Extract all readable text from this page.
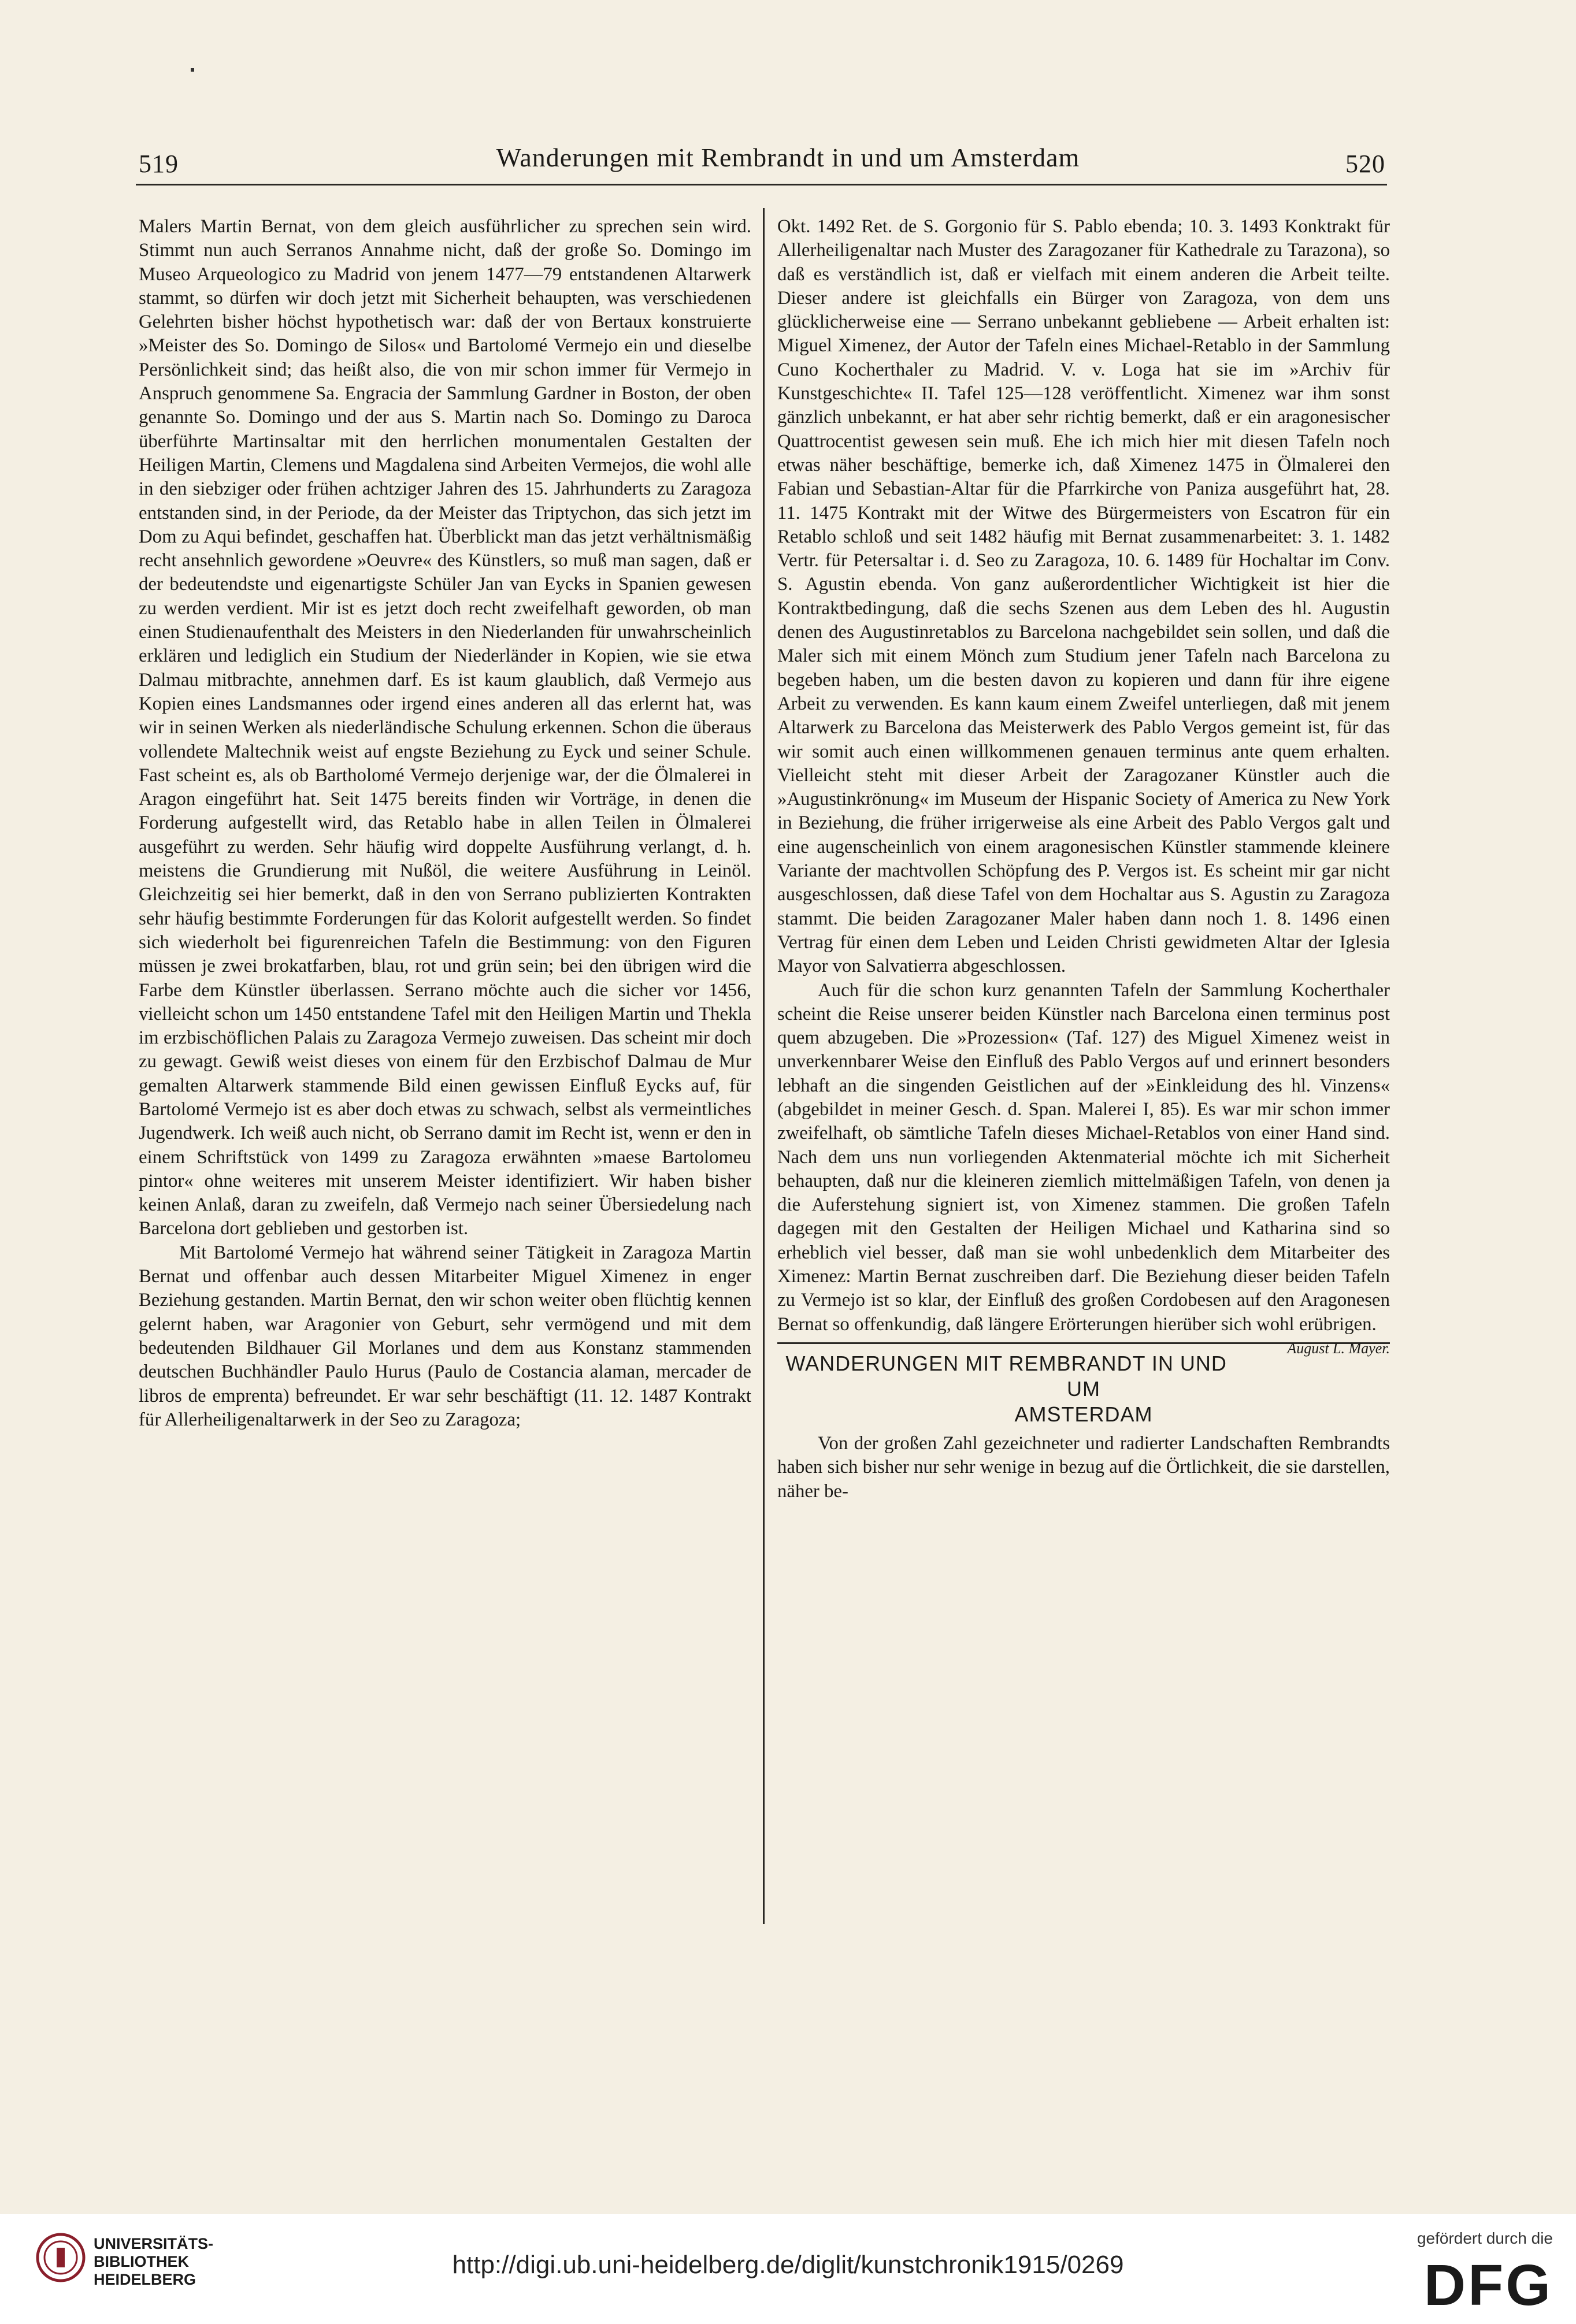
519	Wanderungen mit Rembrandt in und um Amsterdam	520

Malers Martin Bernat, von dem gleich ausführlicher zu sprechen sein wird. Stimmt nun auch Serranos Annahme nicht, daß der große So. Domingo im Museo Arqueologico zu Madrid von jenem 1477—79 entstandenen Altarwerk stammt, so dürfen wir doch jetzt mit Sicherheit behaupten, was verschiedenen Gelehrten bisher höchst hypothetisch war: daß der von Bertaux konstruierte »Meister des So. Domingo de Silos« und Bartolomé Vermejo ein und dieselbe Persönlichkeit sind; das heißt also, die von mir schon immer für Vermejo in Anspruch genommene Sa. Engracia der Sammlung Gardner in Boston, der oben genannte So. Domingo und der aus S. Martin nach So. Domingo zu Daroca überführte Martinsaltar mit den herrlichen monumentalen Gestalten der Heiligen Martin, Clemens und Magdalena sind Arbeiten Vermejos, die wohl alle in den siebziger oder frühen achtziger Jahren des 15. Jahrhunderts zu Zaragoza entstanden sind, in der Periode, da der Meister das Triptychon, das sich jetzt im Dom zu Aqui befindet, geschaffen hat. Überblickt man das jetzt verhältnismäßig recht ansehnlich gewordene »Oeuvre« des Künstlers, so muß man sagen, daß er der bedeutendste und eigenartigste Schüler Jan van Eycks in Spanien gewesen zu werden verdient. Mir ist es jetzt doch recht zweifelhaft geworden, ob man einen Studienaufenthalt des Meisters in den Niederlanden für unwahrscheinlich erklären und lediglich ein Studium der Niederländer in Kopien, wie sie etwa Dalmau mitbrachte, annehmen darf. Es ist kaum glaublich, daß Vermejo aus Kopien eines Landsmannes oder irgend eines anderen all das erlernt hat, was wir in seinen Werken als niederländische Schulung erkennen. Schon die überaus vollendete Maltechnik weist auf engste Beziehung zu Eyck und seiner Schule. Fast scheint es, als ob Bartholomé Vermejo derjenige war, der die Ölmalerei in Aragon eingeführt hat. Seit 1475 bereits finden wir Vorträge, in denen die Forderung aufgestellt wird, das Retablo habe in allen Teilen in Ölmalerei ausgeführt zu werden. Sehr häufig wird doppelte Ausführung verlangt, d. h. meistens die Grundierung mit Nußöl, die weitere Ausführung in Leinöl. Gleichzeitig sei hier bemerkt, daß in den von Serrano publizierten Kontrakten sehr häufig bestimmte Forderungen für das Kolorit aufgestellt werden. So findet sich wiederholt bei figurenreichen Tafeln die Bestimmung: von den Figuren müssen je zwei brokatfarben, blau, rot und grün sein; bei den übrigen wird die Farbe dem Künstler überlassen. Serrano möchte auch die sicher vor 1456, vielleicht schon um 1450 entstandene Tafel mit den Heiligen Martin und Thekla im erzbischöflichen Palais zu Zaragoza Vermejo zuweisen. Das scheint mir doch zu gewagt. Gewiß weist dieses von einem für den Erzbischof Dalmau de Mur gemalten Altarwerk stammende Bild einen gewissen Einfluß Eycks auf, für Bartolomé Vermejo ist es aber doch etwas zu schwach, selbst als vermeintliches Jugendwerk. Ich weiß auch nicht, ob Serrano damit im Recht ist, wenn er den in einem Schriftstück von 1499 zu Zaragoza erwähnten »maese Bartolomeu pintor« ohne weiteres mit unserem Meister identifiziert. Wir haben bisher keinen Anlaß, daran zu zweifeln, daß Vermejo nach seiner Übersiedelung nach Barcelona dort geblieben und gestorben ist.

Mit Bartolomé Vermejo hat während seiner Tätigkeit in Zaragoza Martin Bernat und offenbar auch dessen Mitarbeiter Miguel Ximenez in enger Beziehung gestanden. Martin Bernat, den wir schon weiter oben flüchtig kennen gelernt haben, war Aragonier von Geburt, sehr vermögend und mit dem bedeutenden Bildhauer Gil Morlanes und dem aus Konstanz stammenden deutschen Buchhändler Paulo Hurus (Paulo de Costancia alaman, mercader de libros de emprenta) befreundet. Er war sehr beschäftigt (11. 12. 1487 Kontrakt für Allerheiligenaltarwerk in der Seo zu Zaragoza;

Okt. 1492 Ret. de S. Gorgonio für S. Pablo ebenda; 10. 3. 1493 Konktrakt für Allerheiligenaltar nach Muster des Zaragozaner für Kathedrale zu Tarazona), so daß es verständlich ist, daß er vielfach mit einem anderen die Arbeit teilte. Dieser andere ist gleichfalls ein Bürger von Zaragoza, von dem uns glücklicherweise eine — Serrano unbekannt gebliebene — Arbeit erhalten ist: Miguel Ximenez, der Autor der Tafeln eines Michael-Retablo in der Sammlung Cuno Kocherthaler zu Madrid. V. v. Loga hat sie im »Archiv für Kunstgeschichte« II. Tafel 125—128 veröffentlicht. Ximenez war ihm sonst gänzlich unbekannt, er hat aber sehr richtig bemerkt, daß er ein aragonesischer Quattrocentist gewesen sein muß. Ehe ich mich hier mit diesen Tafeln noch etwas näher beschäftige, bemerke ich, daß Ximenez 1475 in Ölmalerei den Fabian und Sebastian-Altar für die Pfarrkirche von Paniza ausgeführt hat, 28. 11. 1475 Kontrakt mit der Witwe des Bürgermeisters von Escatron für ein Retablo schloß und seit 1482 häufig mit Bernat zusammenarbeitet: 3. 1. 1482 Vertr. für Petersaltar i. d. Seo zu Zaragoza, 10. 6. 1489 für Hochaltar im Conv. S. Agustin ebenda. Von ganz außerordentlicher Wichtigkeit ist hier die Kontraktbedingung, daß die sechs Szenen aus dem Leben des hl. Augustin denen des Augustinretablos zu Barcelona nachgebildet sein sollen, und daß die Maler sich mit einem Mönch zum Studium jener Tafeln nach Barcelona zu begeben haben, um die besten davon zu kopieren und dann für ihre eigene Arbeit zu verwenden. Es kann kaum einem Zweifel unterliegen, daß mit jenem Altarwerk zu Barcelona das Meisterwerk des Pablo Vergos gemeint ist, für das wir somit auch einen willkommenen genauen terminus ante quem erhalten. Vielleicht steht mit dieser Arbeit der Zaragozaner Künstler auch die »Augustinkrönung« im Museum der Hispanic Society of America zu New York in Beziehung, die früher irrigerweise als eine Arbeit des Pablo Vergos galt und eine augenscheinlich von einem aragonesischen Künstler stammende kleinere Variante der machtvollen Schöpfung des P. Vergos ist. Es scheint mir gar nicht ausgeschlossen, daß diese Tafel von dem Hochaltar aus S. Agustin zu Zaragoza stammt. Die beiden Zaragozaner Maler haben dann noch 1. 8. 1496 einen Vertrag für einen dem Leben und Leiden Christi gewidmeten Altar der Iglesia Mayor von Salvatierra abgeschlossen.

Auch für die schon kurz genannten Tafeln der Sammlung Kocherthaler scheint die Reise unserer beiden Künstler nach Barcelona einen terminus post quem abzugeben. Die »Prozession« (Taf. 127) des Miguel Ximenez weist in unverkennbarer Weise den Einfluß des Pablo Vergos auf und erinnert besonders lebhaft an die singenden Geistlichen auf der »Einkleidung des hl. Vinzens« (abgebildet in meiner Gesch. d. Span. Malerei I, 85). Es war mir schon immer zweifelhaft, ob sämtliche Tafeln dieses Michael-Retablos von einer Hand sind. Nach dem uns nun vorliegenden Aktenmaterial möchte ich mit Sicherheit behaupten, daß nur die kleineren ziemlich mittelmäßigen Tafeln, von denen ja die Auferstehung signiert ist, von Ximenez stammen. Die großen Tafeln dagegen mit den Gestalten der Heiligen Michael und Katharina sind so erheblich viel besser, daß man sie wohl unbedenklich dem Mitarbeiter des Ximenez: Martin Bernat zuschreiben darf. Die Beziehung dieser beiden Tafeln zu Vermejo ist so klar, der Einfluß des großen Cordobesen auf den Aragonesen Bernat so offenkundig, daß längere Erörterungen hierüber sich wohl erübrigen.
August L. Mayer.

WANDERUNGEN MIT REMBRANDT IN UND UM
AMSTERDAM

Von der großen Zahl gezeichneter und radierter Landschaften Rembrandts haben sich bisher nur sehr wenige in bezug auf die Örtlichkeit, die sie darstellen, näher be-

UNIVERSITÄTS-
BIBLIOTHEK
HEIDELBERG
http://digi.ub.uni-heidelberg.de/diglit/kunstchronik1915/0269
gefördert durch die
DFG
